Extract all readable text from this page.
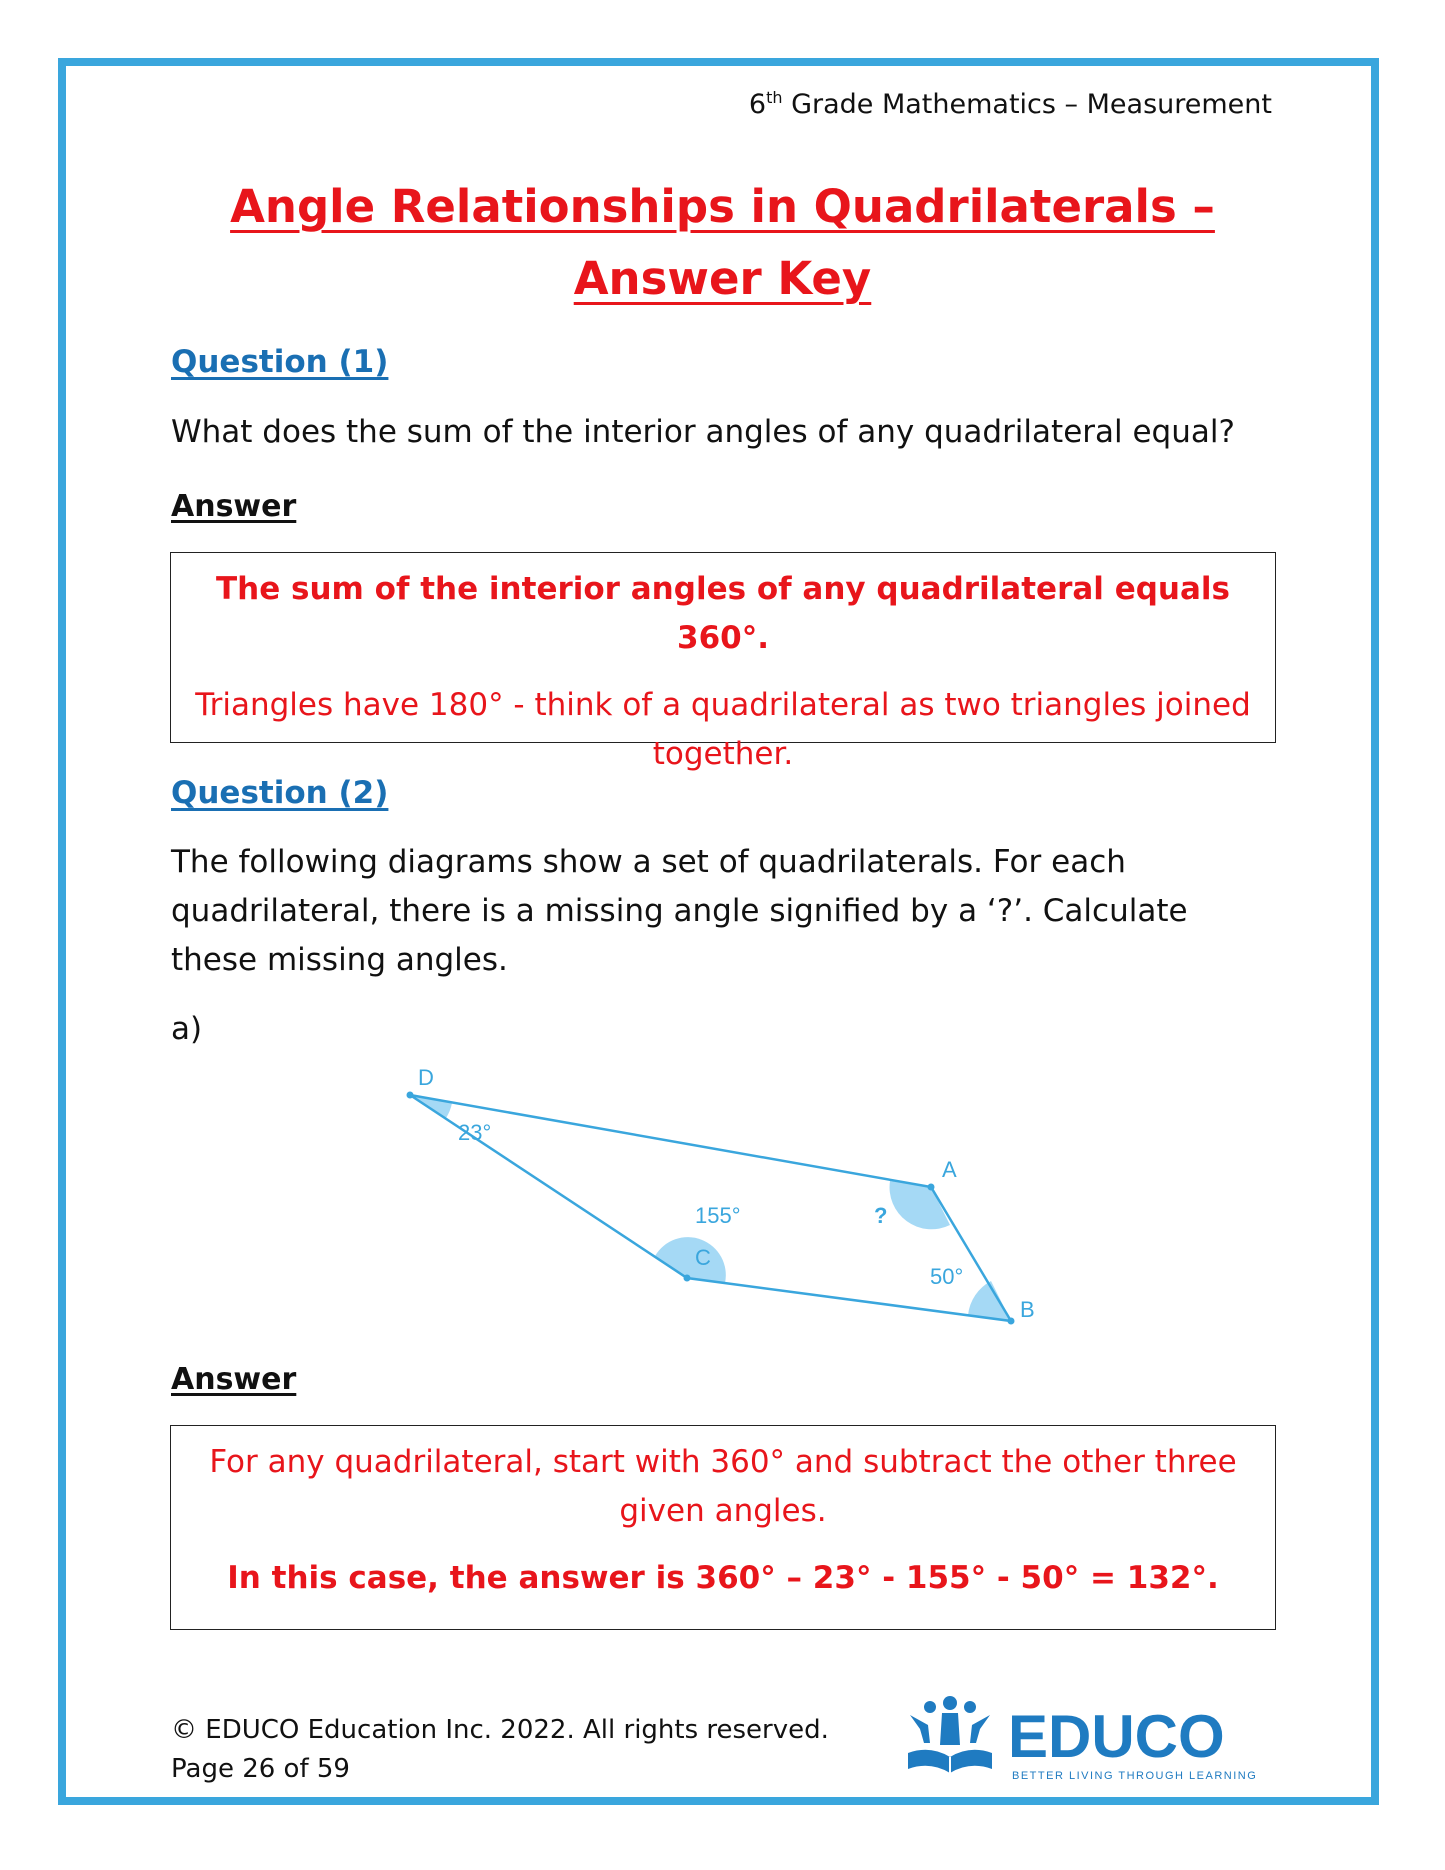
6th Grade Mathematics – Measurement
Angle Relationships in Quadrilaterals –
Answer Key
Question (1)
What does the sum of the interior angles of any quadrilateral equal?
Answer

The sum of the interior angles of any quadrilateral equals 360°.

Triangles have 180° - think of a quadrilateral as two triangles joined together.

Question (2)
The following diagrams show a set of quadrilaterals. For each quadrilateral, there is a missing angle signified by a ‘?’. Calculate these missing angles.
a)
D
A
B
C
23°
155°	?
50°
Answer

For any quadrilateral, start with 360° and subtract the other three given angles.

In this case, the answer is 360° – 23° - 155° - 50° = 132°.

© EDUCO Education Inc. 2022. All rights reserved.
Page 26 of 59	EDUCO
BETTER LIVING THROUGH LEARNING
